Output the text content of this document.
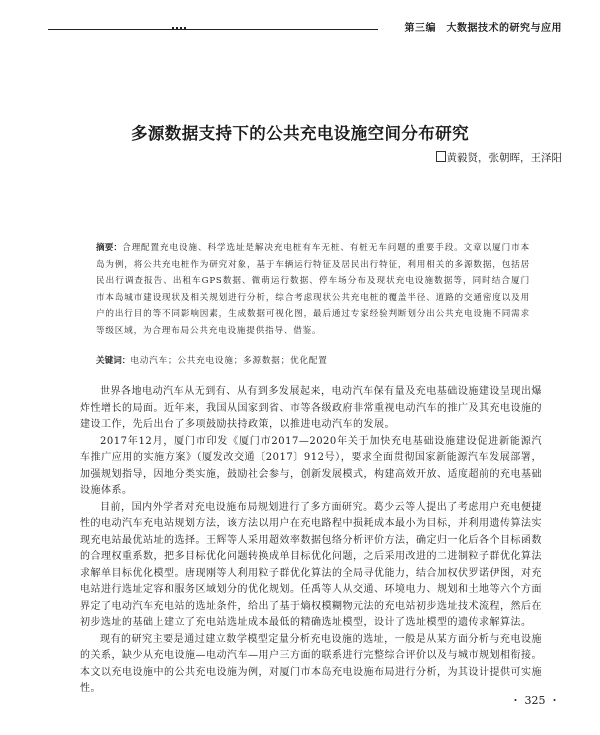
第三编　大数据技术的研究与应用
多源数据支持下的公共充电设施空间分布研究
黄毅贤，张朝晖，王泽阳
摘要：合理配置充电设施、科学选址是解决充电桩有车无桩、有桩无车问题的重要手段。文章以厦门市本岛为例，将公共充电桩作为研究对象，基于车辆运行特征及居民出行特征，利用相关的多源数据，包括居民出行调查报告、出租车GPS数据、微萌运行数据、停车场分布及现状充电设施数据等，同时结合厦门市本岛城市建设现状及相关规划进行分析，综合考虑现状公共充电桩的覆盖半径、道路的交通密度以及用户的出行目的等不同影响因素，生成数据可视化图，最后通过专家经验判断划分出公共充电设施不同需求等级区域，为合理布局公共充电设施提供指导、借鉴。
关键词：电动汽车；公共充电设施；多源数据；优化配置

世界各地电动汽车从无到有、从有到多发展起来，电动汽车保有量及充电基础设施建设呈现出爆炸性增长的局面。近年来，我国从国家到省、市等各级政府非常重视电动汽车的推广及其充电设施的建设工作，先后出台了多项鼓励扶持政策，以推进电动汽车的发展。

2017年12月，厦门市印发《厦门市2017—2020年关于加快充电基础设施建设促进新能源汽车推广应用的实施方案》（厦发改交通〔2017〕912号），要求全面贯彻国家新能源汽车发展部署，加强规划指导，因地分类实施，鼓励社会参与，创新发展模式，构建高效开放、适度超前的充电基础设施体系。

目前，国内外学者对充电设施布局规划进行了多方面研究。葛少云等人提出了考虑用户充电便捷性的电动汽车充电站规划方法，该方法以用户在充电路程中损耗成本最小为目标，并利用遗传算法实现充电站最优站址的选择。王辉等人采用超效率数据包络分析评价方法，确定归一化后各个目标函数的合理权重系数，把多目标优化问题转换成单目标优化问题，之后采用改进的二进制粒子群优化算法求解单目标优化模型。唐现刚等人利用粒子群优化算法的全局寻优能力，结合加权伏罗诺伊图，对充电站进行选址定容和服务区域划分的优化规划。任禹等人从交通、环境电力、规划和土地等六个方面界定了电动汽车充电站的选址条件，给出了基于熵权模糊物元法的充电站初步选址技术流程，然后在初步选址的基础上建立了充电站选址成本最低的精确选址模型，设计了选址模型的遗传求解算法。

现有的研究主要是通过建立数学模型定量分析充电设施的选址，一般是从某方面分析与充电设施的关系，缺少从充电设施—电动汽车—用户三方面的联系进行完整综合评价以及与城市规划相衔接。本文以充电设施中的公共充电设施为例，对厦门市本岛充电设施布局进行分析，为其设计提供可实施性。

・ 325 ・
